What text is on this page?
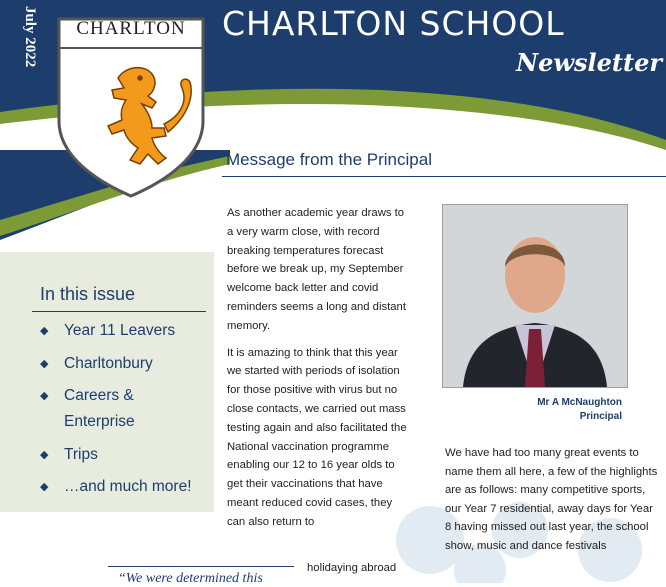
July 2022	CHARLTON	CHARLTON SCHOOL
Newsletter
Message from the Principal
In this issue
◆ Year 11 Leavers
◆ Charltonbury
◆ Careers & Enterprise
◆ Trips
◆ …and much more!

As another academic year draws to a very warm close, with record breaking temperatures forecast before we break up, my September welcome back letter and covid reminders seems a long and distant memory.

It is amazing to think that this year we started with periods of isolation for those positive with virus but no close contacts, we carried out mass testing again and also facilitated the National vaccination programme enabling our 12 to 16 year olds to get their vaccinations that have meant reduced covid cases, they can also return to

holidaying abroad
Mr A McNaughton
Principal
We have had too many great events to name them all here, a few of the highlights are as follows: many competitive sports, our Year 7 residential, away days for Year 8 having missed out last year, the school show, music and dance festivals
“We were determined this
